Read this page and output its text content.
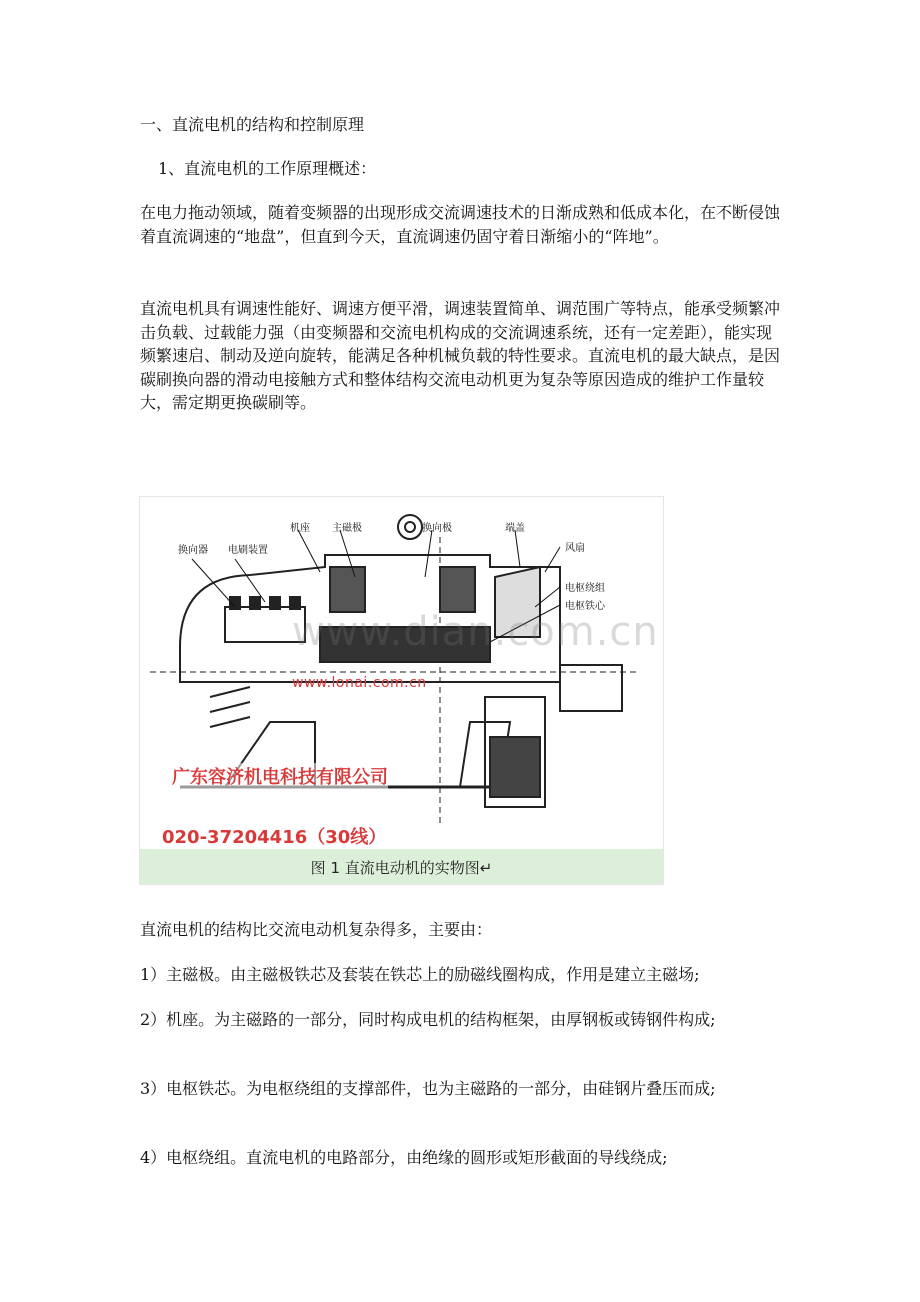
一、直流电机的结构和控制原理

1、直流电机的工作原理概述：

在电力拖动领域，随着变频器的出现形成交流调速技术的日渐成熟和低成本化，在不断侵蚀着直流调速的“地盘”，但直到今天，直流调速仍固守着日渐缩小的“阵地”。

直流电机具有调速性能好、调速方便平滑，调速装置简单、调范围广等特点，能承受频繁冲击负载、过载能力强（由变频器和交流电机构成的交流调速系统，还有一定差距），能实现频繁速启、制动及逆向旋转，能满足各种机械负载的特性要求。直流电机的最大缺点，是因碳刷换向器的滑动电接触方式和整体结构交流电动机更为复杂等原因造成的维护工作量较大，需定期更换碳刷等。

www.dian.com.cn
换向器 电刷装置
机座 主磁极	换向极	端盖
风扇
电枢绕组
电枢铁心
www.lonai.com.cn
广东容济机电科技有限公司
020-37204416（30线）
图 1 直流电动机的实物图↵

直流电机的结构比交流电动机复杂得多，主要由：

1）主磁极。由主磁极铁芯及套装在铁芯上的励磁线圈构成，作用是建立主磁场;

2）机座。为主磁路的一部分，同时构成电机的结构框架，由厚钢板或铸钢件构成;

3）电枢铁芯。为电枢绕组的支撑部件，也为主磁路的一部分，由硅钢片叠压而成;

4）电枢绕组。直流电机的电路部分，由绝缘的圆形或矩形截面的导线绕成;
